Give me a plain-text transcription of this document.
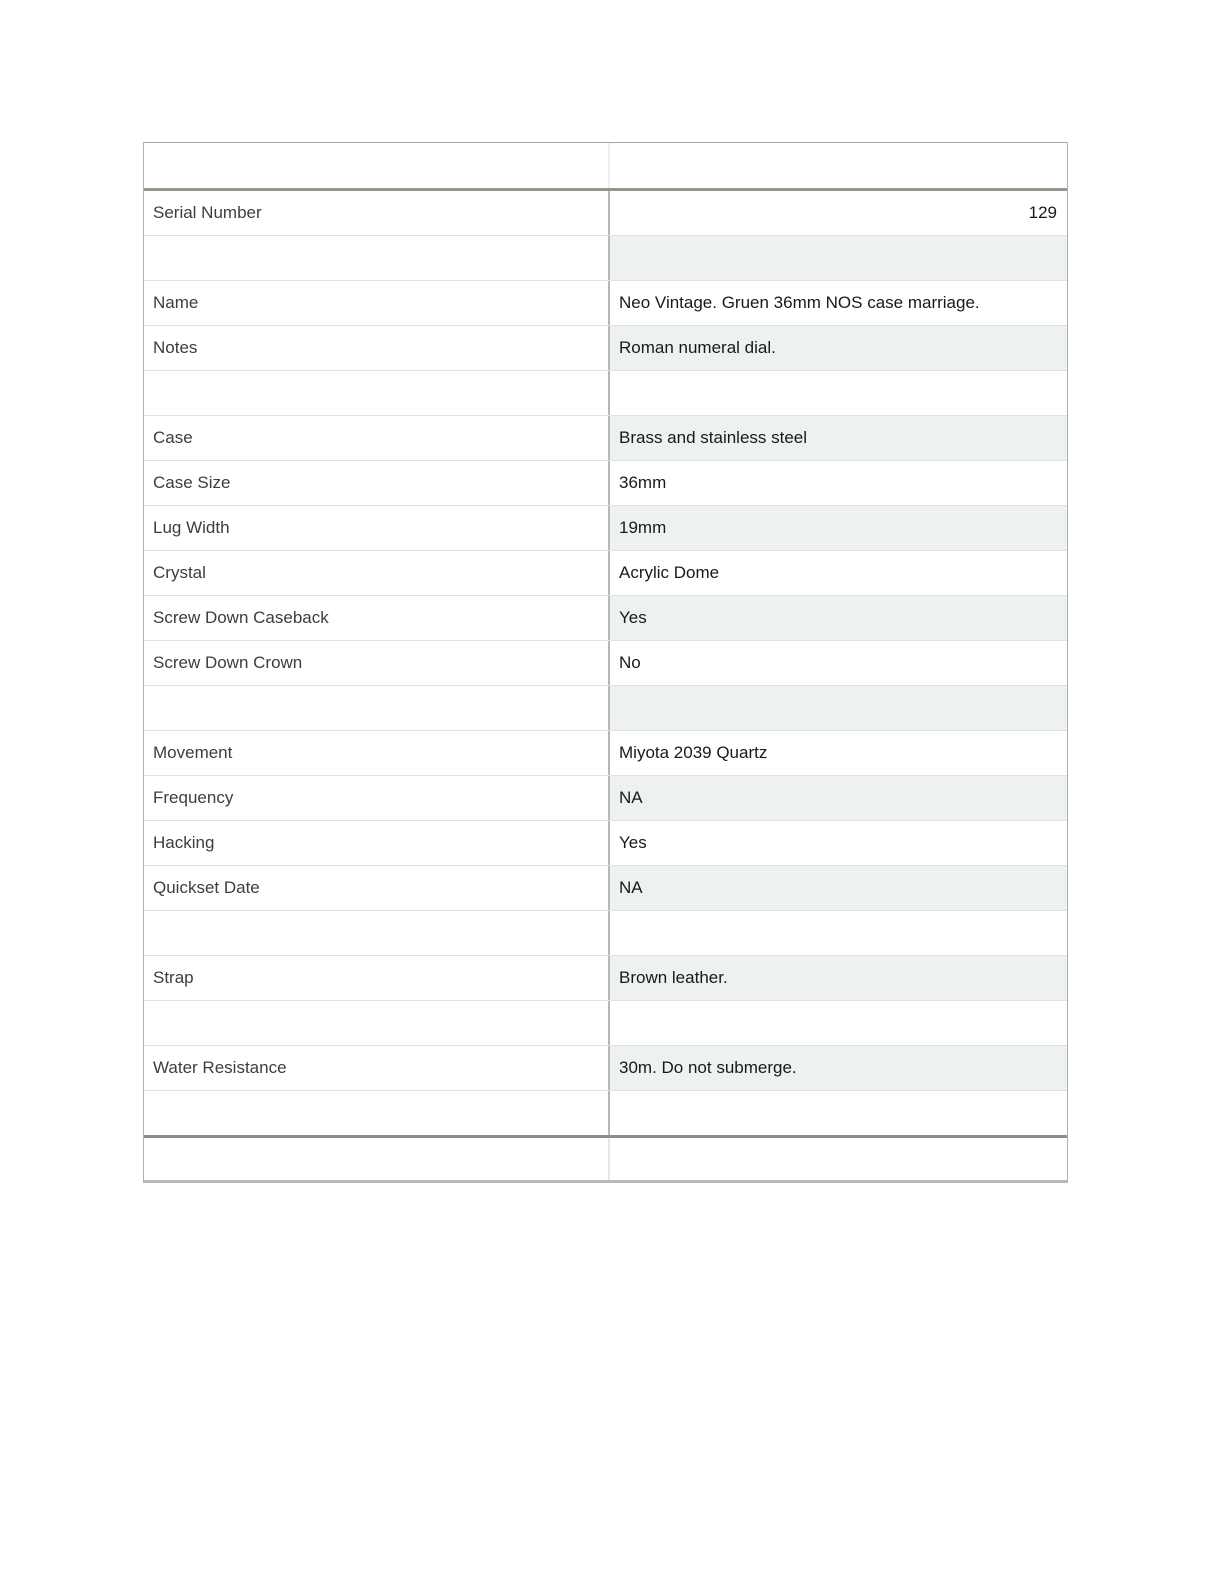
Serial Number	129
Name	Neo Vintage. Gruen 36mm NOS case marriage.
Notes	Roman numeral dial.
Case	Brass and stainless steel
Case Size	36mm
Lug Width	19mm
Crystal	Acrylic Dome
Screw Down Caseback	Yes
Screw Down Crown	No
Movement	Miyota 2039 Quartz
Frequency	NA
Hacking	Yes
Quickset Date	NA
Strap	Brown leather.
Water Resistance	30m. Do not submerge.
